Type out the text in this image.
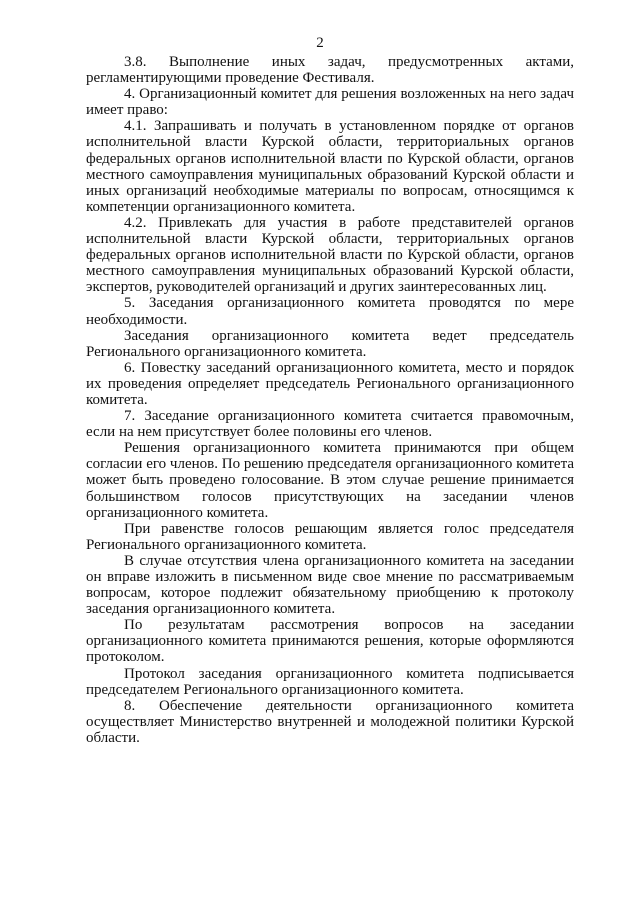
2

3.8. Выполнение иных задач, предусмотренных актами, регламентирующими проведение Фестиваля.

4. Организационный комитет для решения возложенных на него задач имеет право:

4.1. Запрашивать и получать в установленном порядке от органов исполнительной власти Курской области, территориальных органов федеральных органов исполнительной власти по Курской области, органов местного самоуправления муниципальных образований Курской области и иных организаций необходимые материалы по вопросам, относящимся к компетенции организационного комитета.

4.2. Привлекать для участия в работе представителей органов исполнительной власти Курской области, территориальных органов федеральных органов исполнительной власти по Курской области, органов местного самоуправления муниципальных образований Курской области, экспертов, руководителей организаций и других заинтересованных лиц.

5. Заседания организационного комитета проводятся по мере необходимости.

Заседания организационного комитета ведет председатель Регионального организационного комитета.

6. Повестку заседаний организационного комитета, место и порядок их проведения определяет председатель Регионального организационного комитета.

7. Заседание организационного комитета считается правомочным, если на нем присутствует более половины его членов.

Решения организационного комитета принимаются при общем согласии его членов. По решению председателя организационного комитета может быть проведено голосование. В этом случае решение принимается большинством голосов присутствующих на заседании членов организационного комитета.

При равенстве голосов решающим является голос председателя Регионального организационного комитета.

В случае отсутствия члена организационного комитета на заседании он вправе изложить в письменном виде свое мнение по рассматриваемым вопросам, которое подлежит обязательному приобщению к протоколу заседания организационного комитета.

По результатам рассмотрения вопросов на заседании организационного комитета принимаются решения, которые оформляются протоколом.

Протокол заседания организационного комитета подписывается председателем Регионального организационного комитета.

8. Обеспечение деятельности организационного комитета осуществляет Министерство внутренней и молодежной политики Курской области.
